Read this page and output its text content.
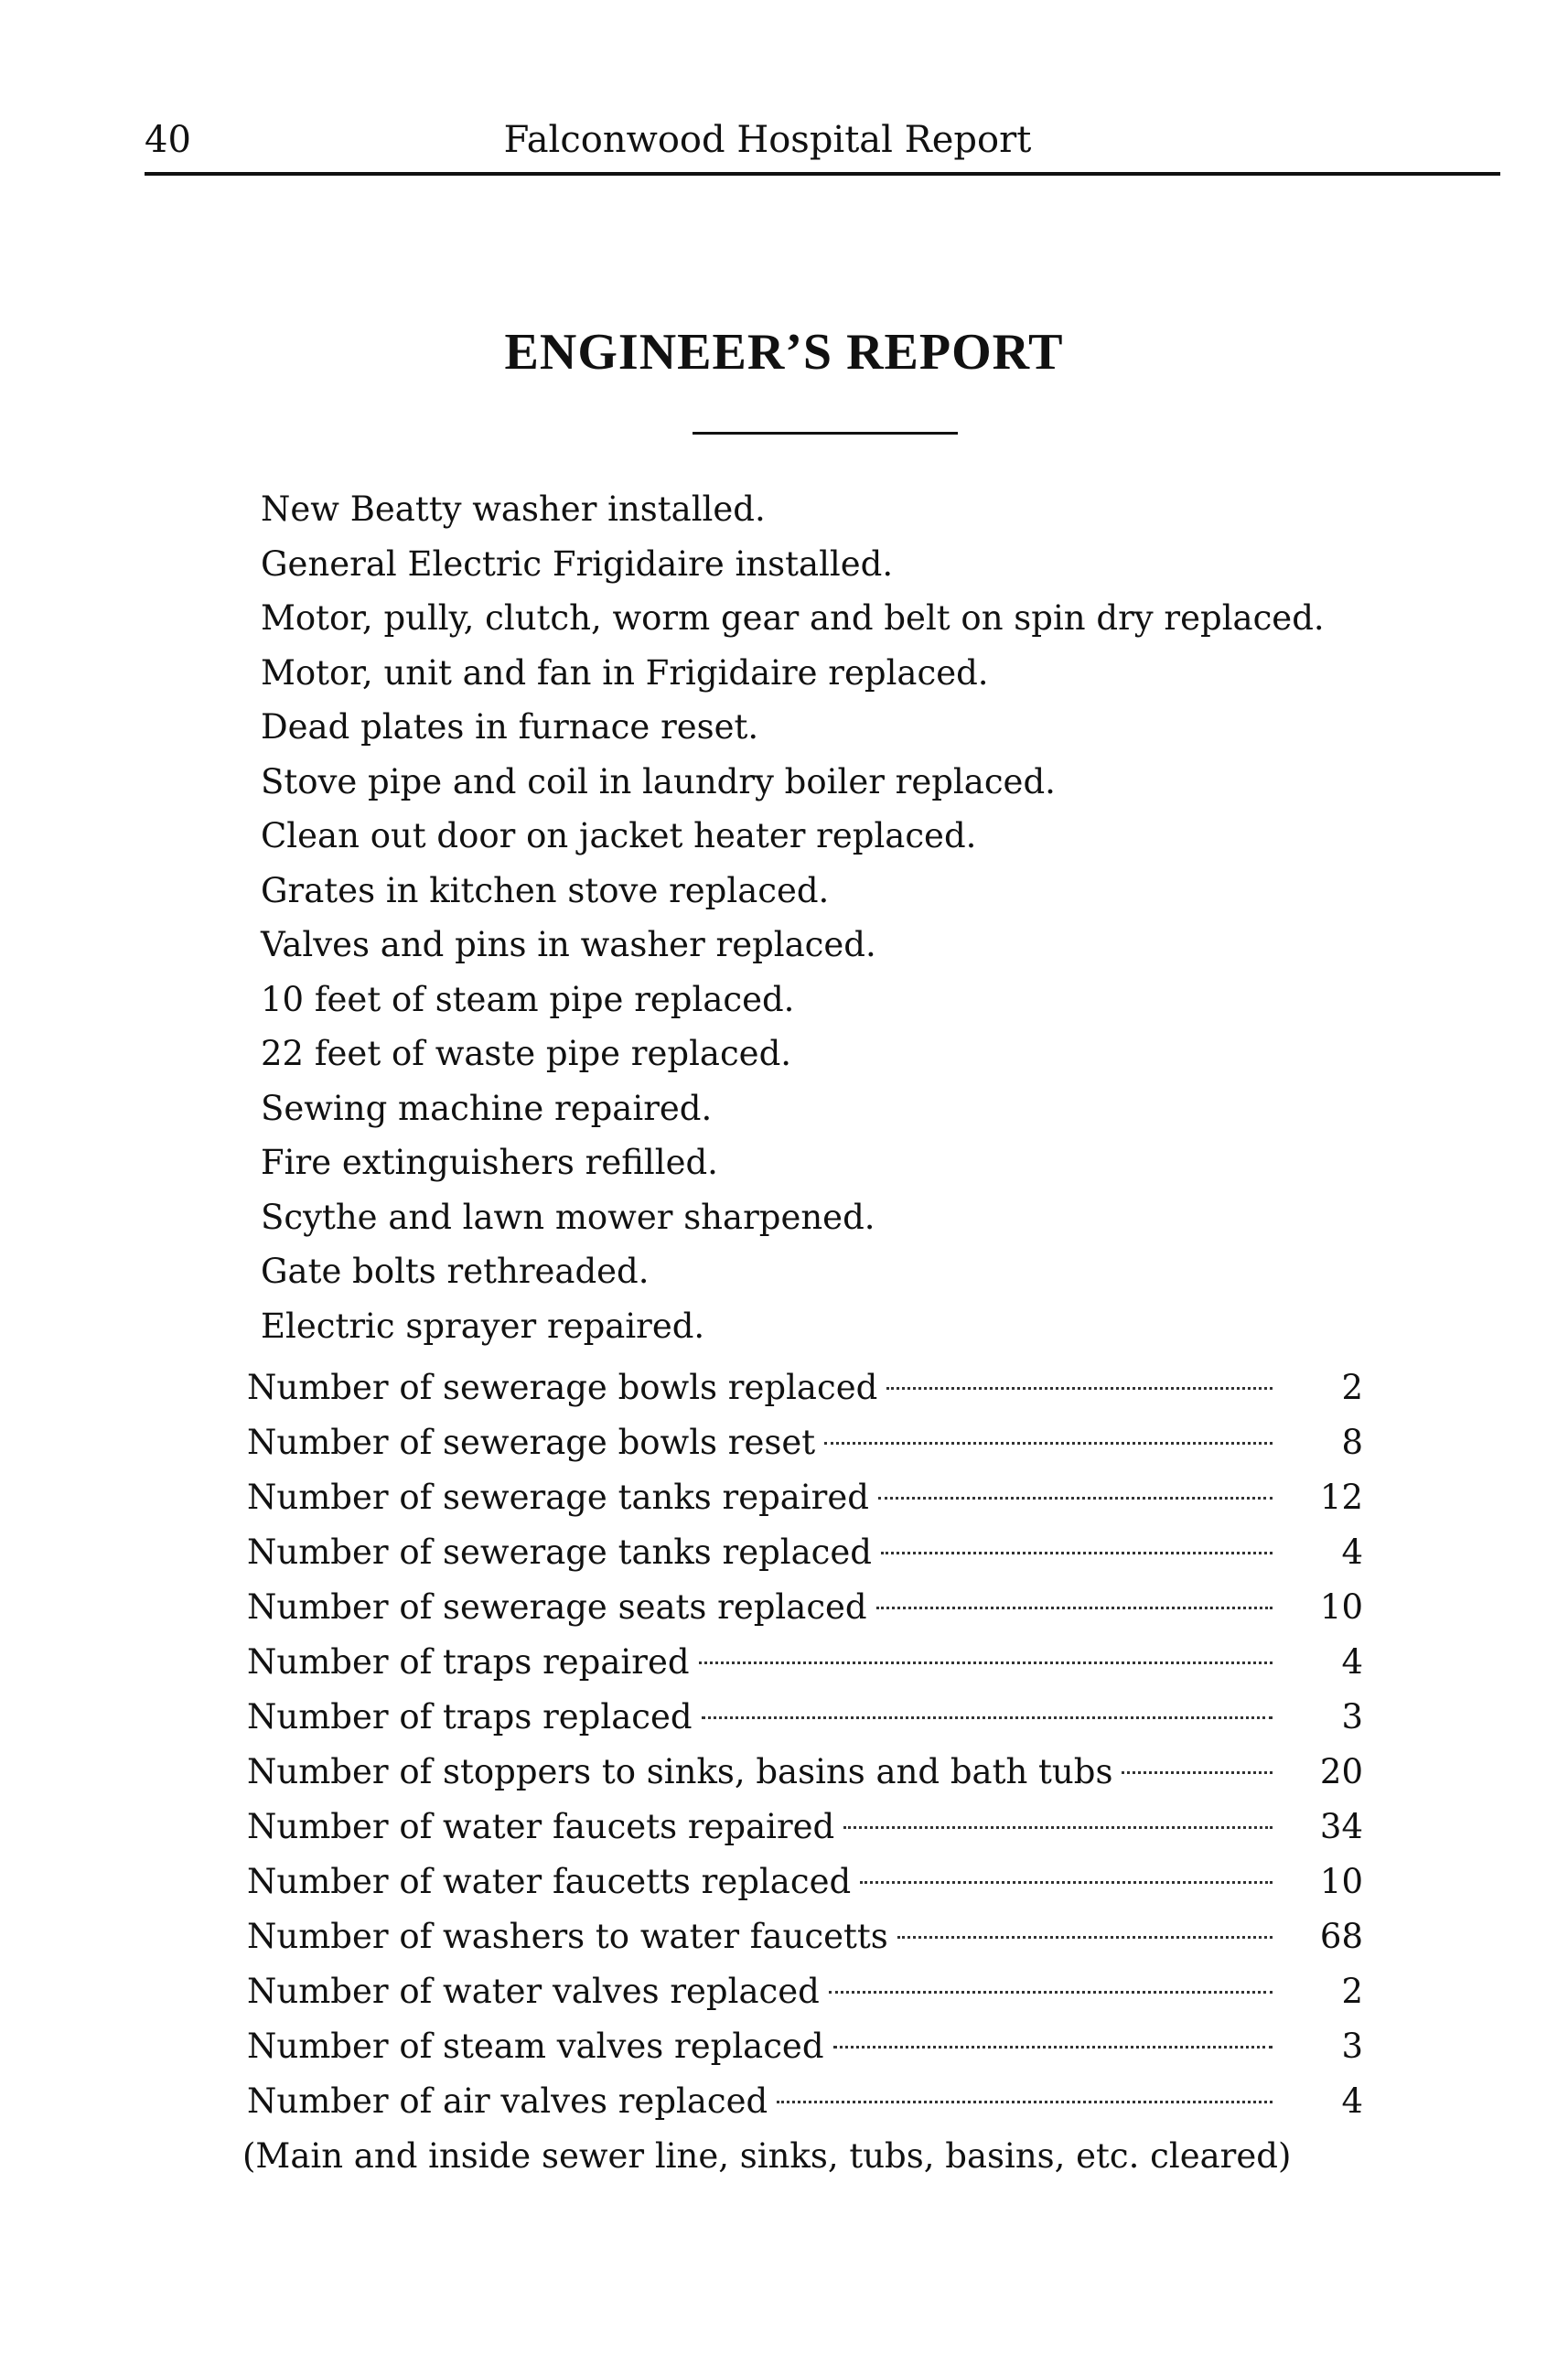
40	Falconwood Hospital Report
ENGINEER’S REPORT
New Beatty washer installed.
General Electric Frigidaire installed.
Motor, pully, clutch, worm gear and belt on spin dry replaced.
Motor, unit and fan in Frigidaire replaced.
Dead plates in furnace reset.
Stove pipe and coil in laundry boiler replaced.
Clean out door on jacket heater replaced.
Grates in kitchen stove replaced.
Valves and pins in washer replaced.
10 feet of steam pipe replaced.
22 feet of waste pipe replaced.
Sewing machine repaired.
Fire extinguishers refilled.
Scythe and lawn mower sharpened.
Gate bolts rethreaded.
Electric sprayer repaired.
Number of sewerage bowls replaced	2
Number of sewerage bowls reset	8
Number of sewerage tanks repaired	12
Number of sewerage tanks replaced	4
Number of sewerage seats replaced	10
Number of traps repaired	4
Number of traps replaced	3
Number of stoppers to sinks, basins and bath tubs	20
Number of water faucets repaired	34
Number of water faucetts replaced	10
Number of washers to water faucetts	68
Number of water valves replaced	2
Number of steam valves replaced	3
Number of air valves replaced	4
(Main and inside sewer line, sinks, tubs, basins, etc. cleared)
